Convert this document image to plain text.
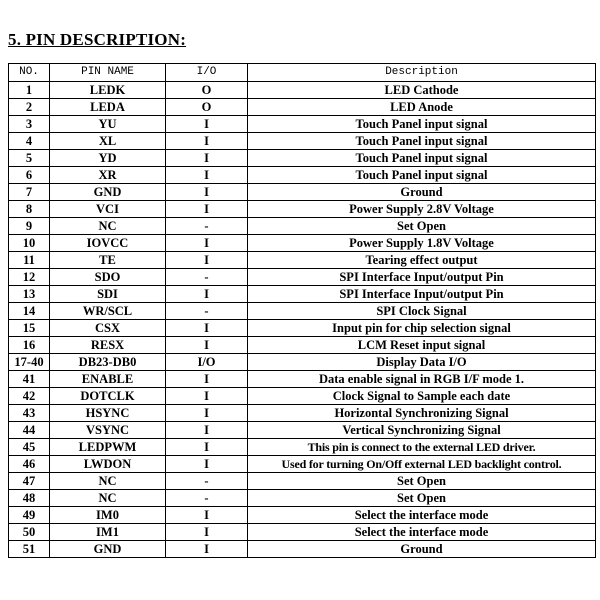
5. PIN DESCRIPTION:
NO.	PIN NAME	I/O	Description
1	LEDK	O	LED Cathode
2	LEDA	O	LED Anode
3	YU	I	Touch Panel input signal
4	XL	I	Touch Panel input signal
5	YD	I	Touch Panel input signal
6	XR	I	Touch Panel input signal
7	GND	I	Ground
8	VCI	I	Power Supply 2.8V Voltage
9	NC	-	Set Open
10	IOVCC	I	Power Supply 1.8V Voltage
11	TE	I	Tearing effect output
12	SDO	-	SPI Interface Input/output Pin
13	SDI	I	SPI Interface Input/output Pin
14	WR/SCL	-	SPI Clock Signal
15	CSX	I	Input pin for chip selection signal
16	RESX	I	LCM Reset input signal
17-40	DB23-DB0	I/O	Display Data I/O
41	ENABLE	I	Data enable signal in RGB I/F mode 1.
42	DOTCLK	I	Clock Signal to Sample each date
43	HSYNC	I	Horizontal Synchronizing Signal
44	VSYNC	I	Vertical Synchronizing Signal
45	LEDPWM	I	This pin is connect to the external LED driver.
46	LWDON	I	Used for turning On/Off external LED backlight control.
47	NC	-	Set Open
48	NC	-	Set Open
49	IM0	I	Select the interface mode
50	IM1	I	Select the interface mode
51	GND	I	Ground
